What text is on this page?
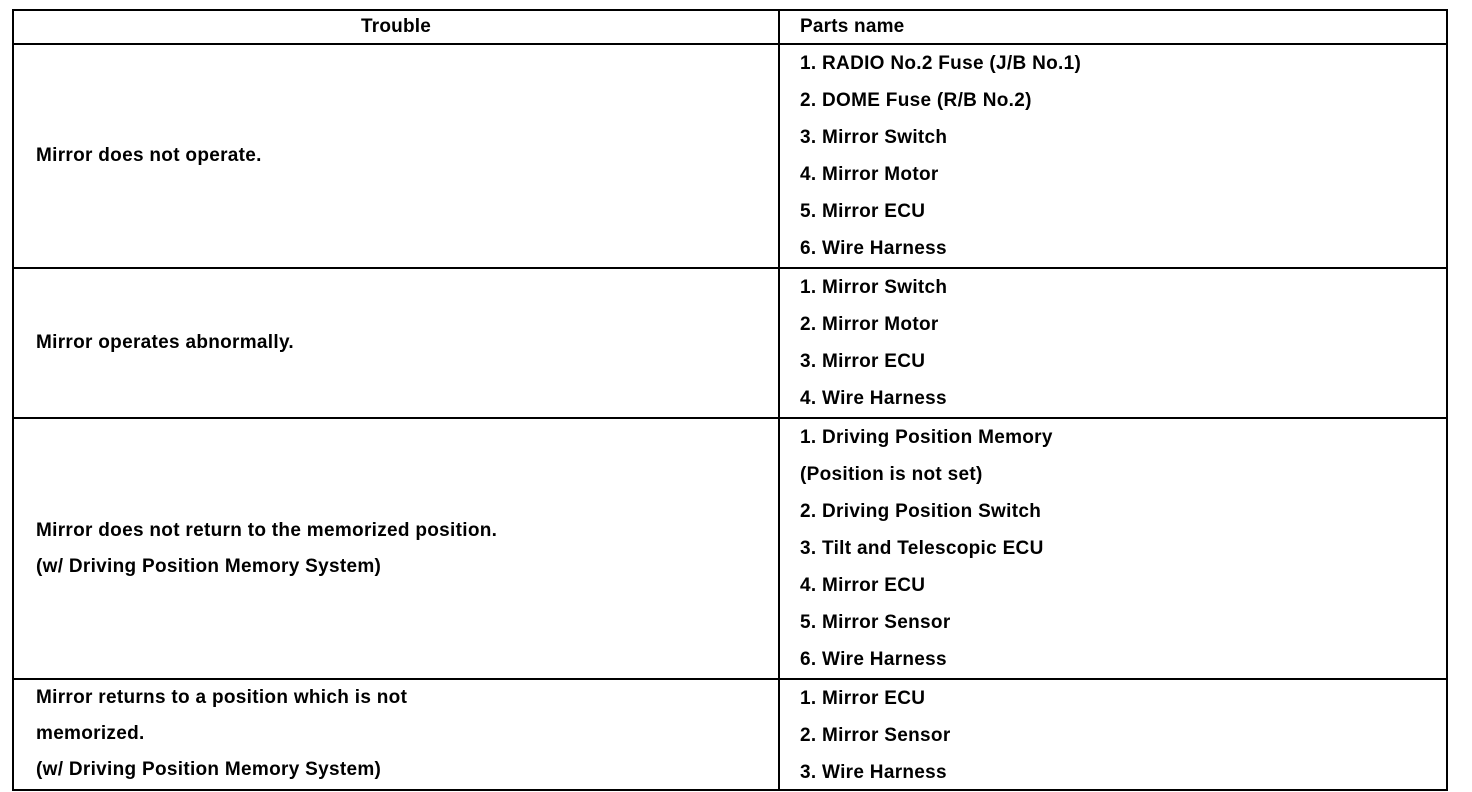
Trouble	Parts name
Mirror does not operate.
1. RADIO No.2 Fuse (J/B No.1)
2. DOME Fuse (R/B No.2)
3. Mirror Switch
4. Mirror Motor
5. Mirror ECU
6. Wire Harness
Mirror operates abnormally.
1. Mirror Switch
2. Mirror Motor
3. Mirror ECU
4. Wire Harness
Mirror does not return to the memorized position.
(w/ Driving Position Memory System)
1. Driving Position Memory
(Position is not set)
2. Driving Position Switch
3. Tilt and Telescopic ECU
4. Mirror ECU
5. Mirror Sensor
6. Wire Harness
Mirror returns to a position which is not
memorized.
(w/ Driving Position Memory System)
1. Mirror ECU
2. Mirror Sensor
3. Wire Harness
